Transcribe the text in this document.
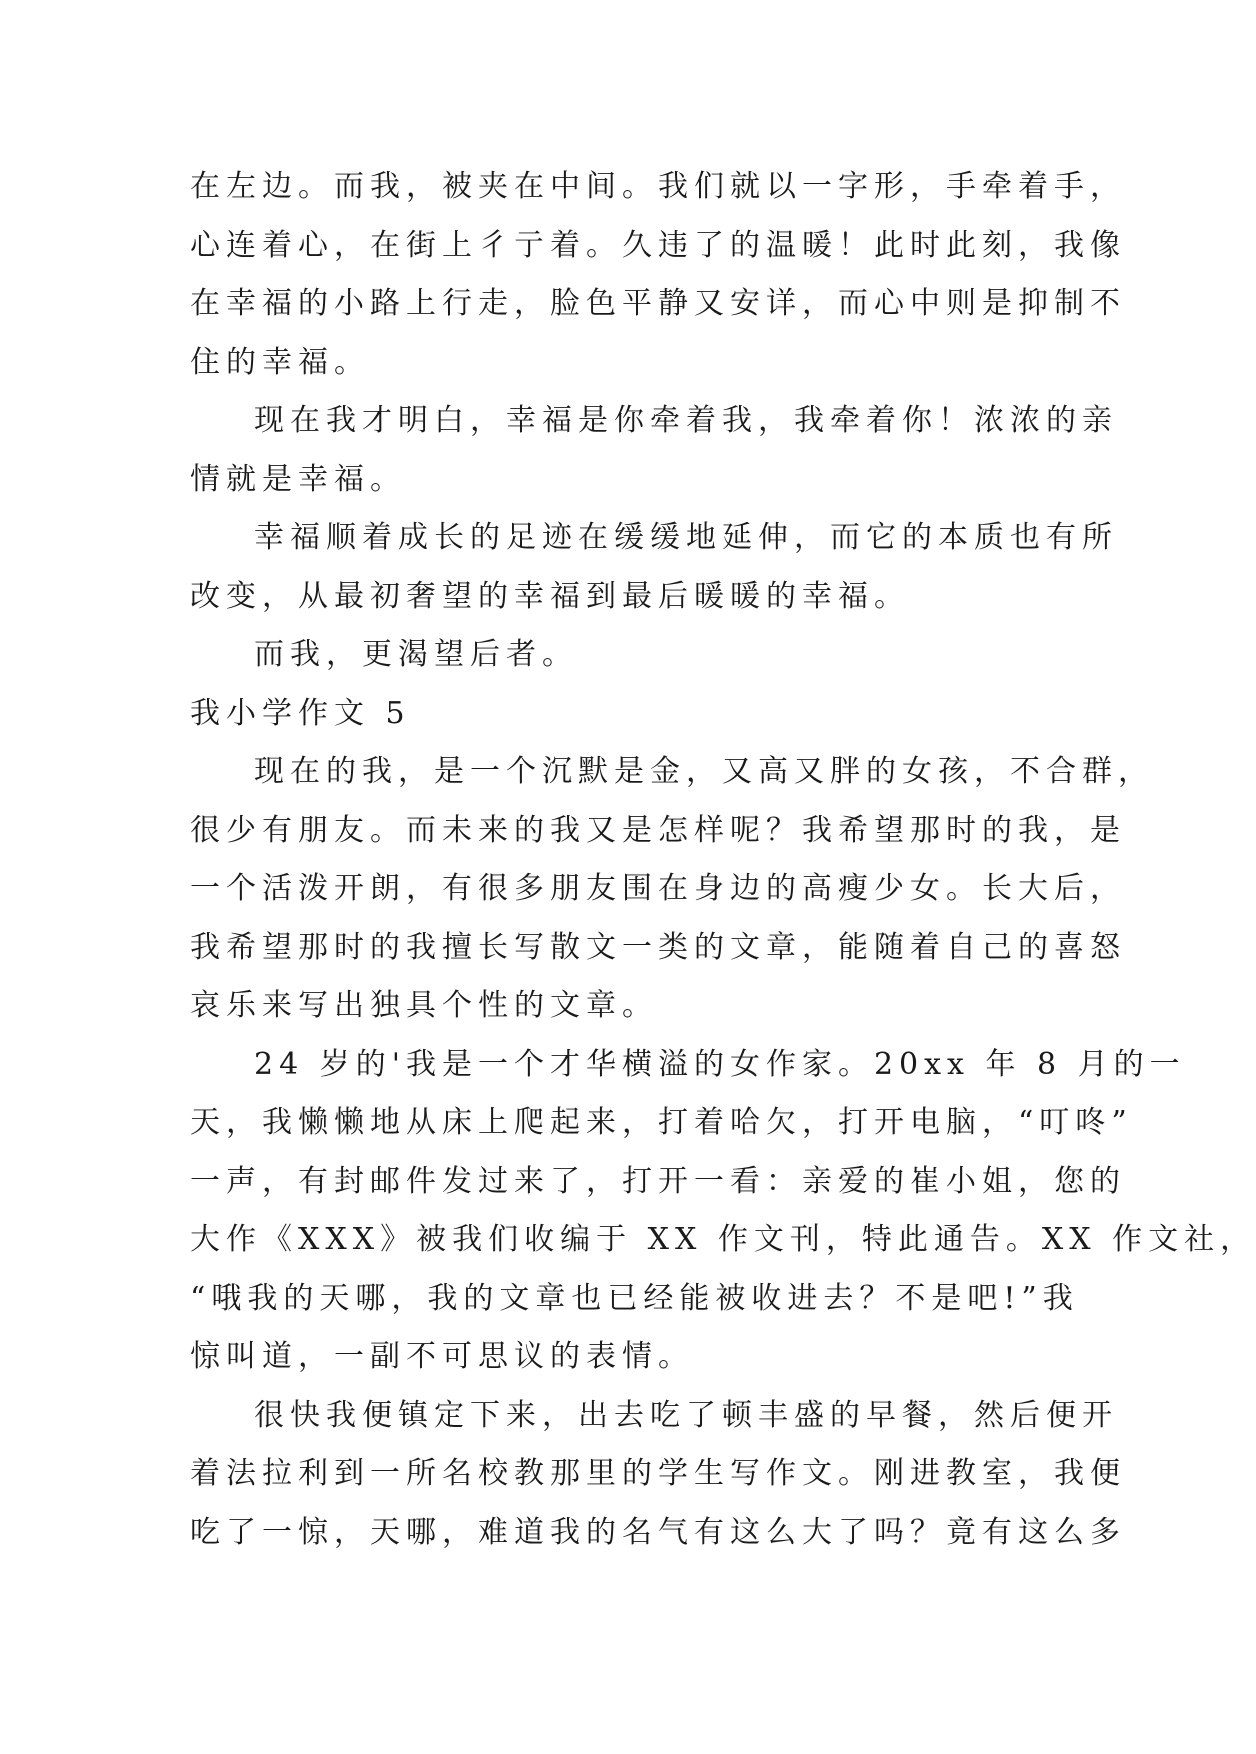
在左边。而我，被夹在中间。我们就以一字形，手牵着手，
心连着心，在街上彳亍着。久违了的温暖！此时此刻，我像
在幸福的小路上行走，脸色平静又安详，而心中则是抑制不
住的幸福。
现在我才明白，幸福是你牵着我，我牵着你！浓浓的亲
情就是幸福。
幸福顺着成长的足迹在缓缓地延伸，而它的本质也有所
改变，从最初奢望的幸福到最后暖暖的幸福。
而我，更渴望后者。
我小学作文 5
现在的我，是一个沉默是金，又高又胖的女孩，不合群，
很少有朋友。而未来的我又是怎样呢？我希望那时的我，是
一个活泼开朗，有很多朋友围在身边的高瘦少女。长大后，
我希望那时的我擅长写散文一类的文章，能随着自己的喜怒
哀乐来写出独具个性的文章。
24 岁的'我是一个才华横溢的女作家。20xx 年 8 月的一
天，我懒懒地从床上爬起来，打着哈欠，打开电脑，“叮咚”
一声，有封邮件发过来了，打开一看：亲爱的崔小姐，您的
大作《XXX》被我们收编于 XX 作文刊，特此通告。XX 作文社，
“哦我的天哪，我的文章也已经能被收进去？不是吧!”我
惊叫道，一副不可思议的表情。
很快我便镇定下来，出去吃了顿丰盛的早餐，然后便开
着法拉利到一所名校教那里的学生写作文。刚进教室，我便
吃了一惊，天哪，难道我的名气有这么大了吗？竟有这么多
